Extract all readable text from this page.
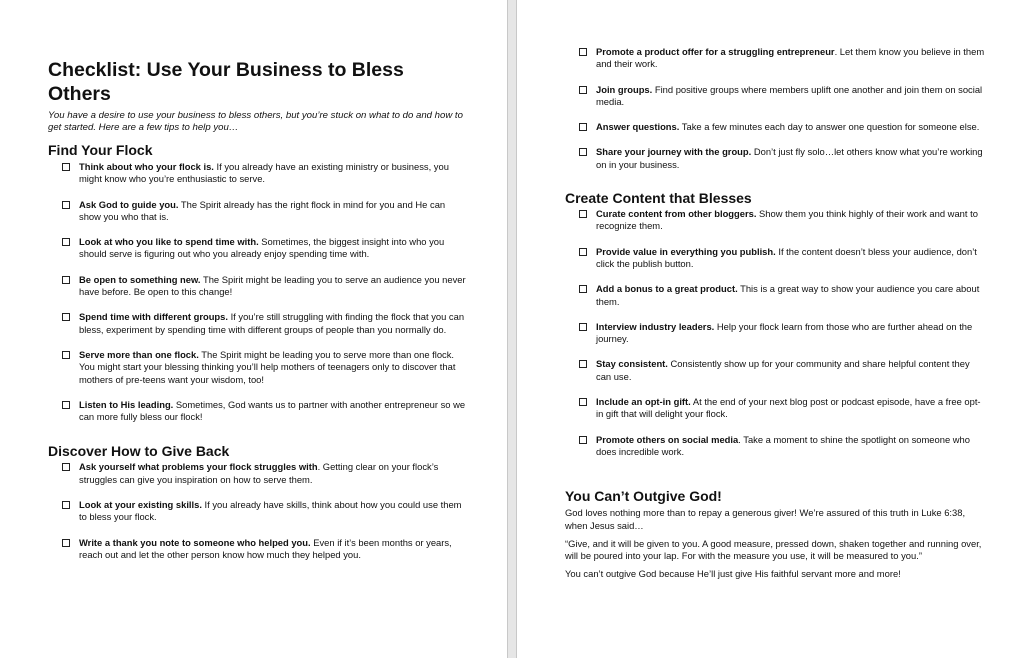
Checklist: Use Your Business to Bless Others

You have a desire to use your business to bless others, but you’re stuck on what to do and how to get started. Here are a few tips to help you…

Find Your Flock
Think about who your flock is. If you already have an existing ministry or business, you might know who you’re enthusiastic to serve.
Ask God to guide you. The Spirit already has the right flock in mind for you and He can show you who that is.
Look at who you like to spend time with. Sometimes, the biggest insight into who you should serve is figuring out who you already enjoy spending time with.
Be open to something new. The Spirit might be leading you to serve an audience you never have before. Be open to this change!
Spend time with different groups. If you’re still struggling with finding the flock that you can bless, experiment by spending time with different groups of people than you normally do.
Serve more than one flock. The Spirit might be leading you to serve more than one flock. You might start your blessing thinking you’ll help mothers of teenagers only to discover that mothers of pre-teens want your wisdom, too!
Listen to His leading. Sometimes, God wants us to partner with another entrepreneur so we can more fully bless our flock!
Discover How to Give Back
Ask yourself what problems your flock struggles with. Getting clear on your flock’s struggles can give you inspiration on how to serve them.
Look at your existing skills. If you already have skills, think about how you could use them to bless your flock.
Write a thank you note to someone who helped you. Even if it’s been months or years, reach out and let the other person know how much they helped you.
Promote a product offer for a struggling entrepreneur. Let them know you believe in them and their work.
Join groups. Find positive groups where members uplift one another and join them on social media.
Answer questions. Take a few minutes each day to answer one question for someone else.
Share your journey with the group. Don’t just fly solo…let others know what you’re working on in your business.
Create Content that Blesses
Curate content from other bloggers. Show them you think highly of their work and want to recognize them.
Provide value in everything you publish. If the content doesn’t bless your audience, don’t click the publish button.
Add a bonus to a great product. This is a great way to show your audience you care about them.
Interview industry leaders. Help your flock learn from those who are further ahead on the journey.
Stay consistent. Consistently show up for your community and share helpful content they can use.
Include an opt-in gift. At the end of your next blog post or podcast episode, have a free opt-in gift that will delight your flock.
Promote others on social media. Take a moment to shine the spotlight on someone who does incredible work.
You Can’t Outgive God!

God loves nothing more than to repay a generous giver! We’re assured of this truth in Luke 6:38, when Jesus said…

“Give, and it will be given to you. A good measure, pressed down, shaken together and running over, will be poured into your lap. For with the measure you use, it will be measured to you.”

You can’t outgive God because He’ll just give His faithful servant more and more!
